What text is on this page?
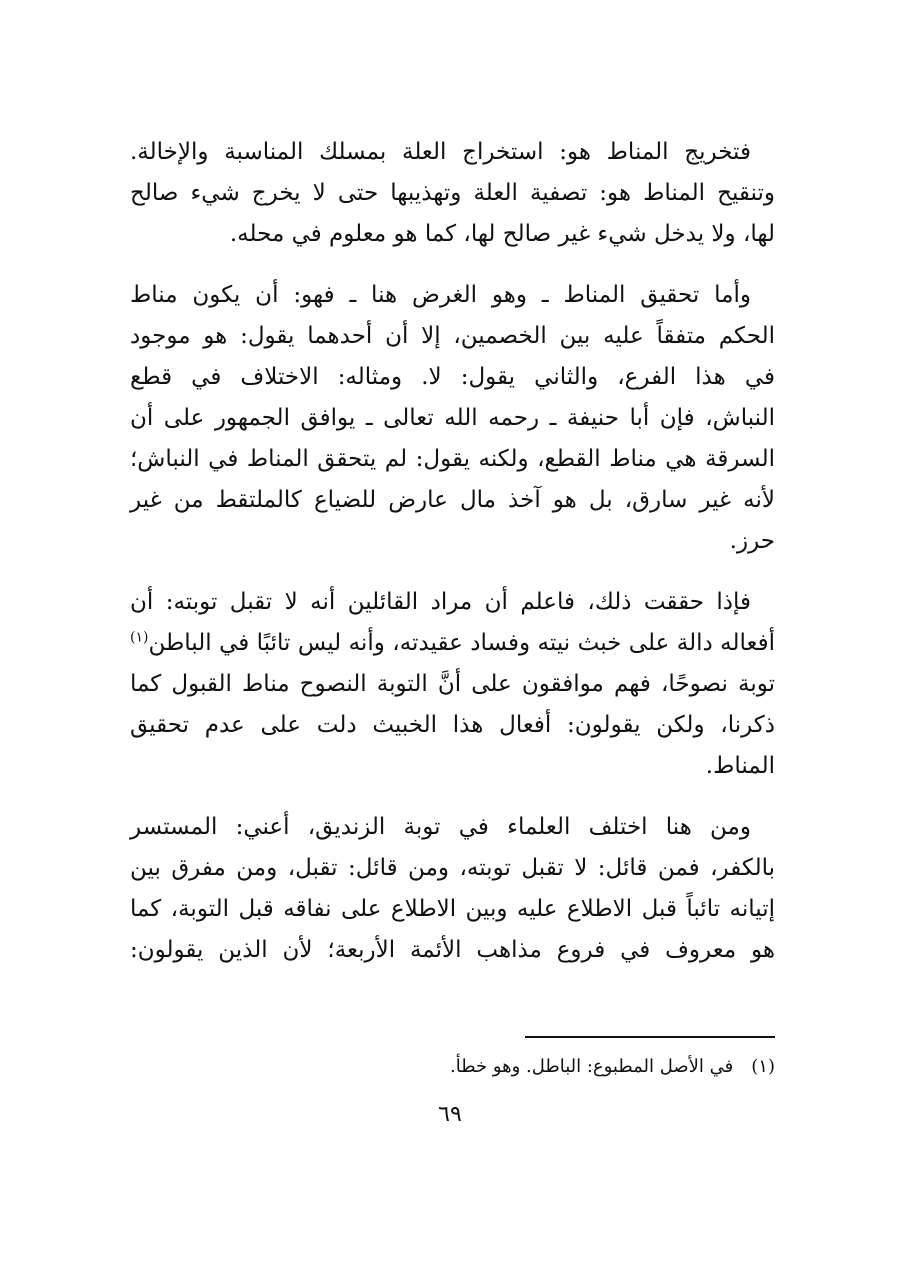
فتخريج المناط هو: استخراج العلة بمسلك المناسبة والإخالة.
وتنقيح المناط هو: تصفية العلة وتهذيبها حتى لا يخرج شيء صالح
لها، ولا يدخل شيء غير صالح لها، كما هو معلوم في محله.

وأما تحقيق المناط ـ وهو الغرض هنا ـ فهو: أن يكون مناط
الحكم متفقاً عليه بين الخصمين، إلا أن أحدهما يقول: هو موجود
في هذا الفرع، والثاني يقول: لا. ومثاله: الاختلاف في قطع
النباش، فإن أبا حنيفة ـ رحمه الله تعالى ـ يوافق الجمهور على أن
السرقة هي مناط القطع، ولكنه يقول: لم يتحقق المناط في النباش؛
لأنه غير سارق، بل هو آخذ مال عارض للضياع كالملتقط من غير
حرز.

فإذا حققت ذلك، فاعلم أن مراد القائلين أنه لا تقبل توبته: أن
أفعاله دالة على خبث نيته وفساد عقيدته، وأنه ليس تائبًا في الباطن$^{(١)}$
توبة نصوحًا، فهم موافقون على أنَّ التوبة النصوح مناط القبول كما
ذكرنا، ولكن يقولون: أفعال هذا الخبيث دلت على عدم تحقيق
المناط.

ومن هنا اختلف العلماء في توبة الزنديق، أعني: المستسر
بالكفر، فمن قائل: لا تقبل توبته، ومن قائل: تقبل، ومن مفرق بين
إتيانه تائباً قبل الاطلاع عليه وبين الاطلاع على نفاقه قبل التوبة، كما
هو معروف في فروع مذاهب الأئمة الأربعة؛ لأن الذين يقولون:

(١)في الأصل المطبوع: الباطل. وهو خطأ.
٦٩
